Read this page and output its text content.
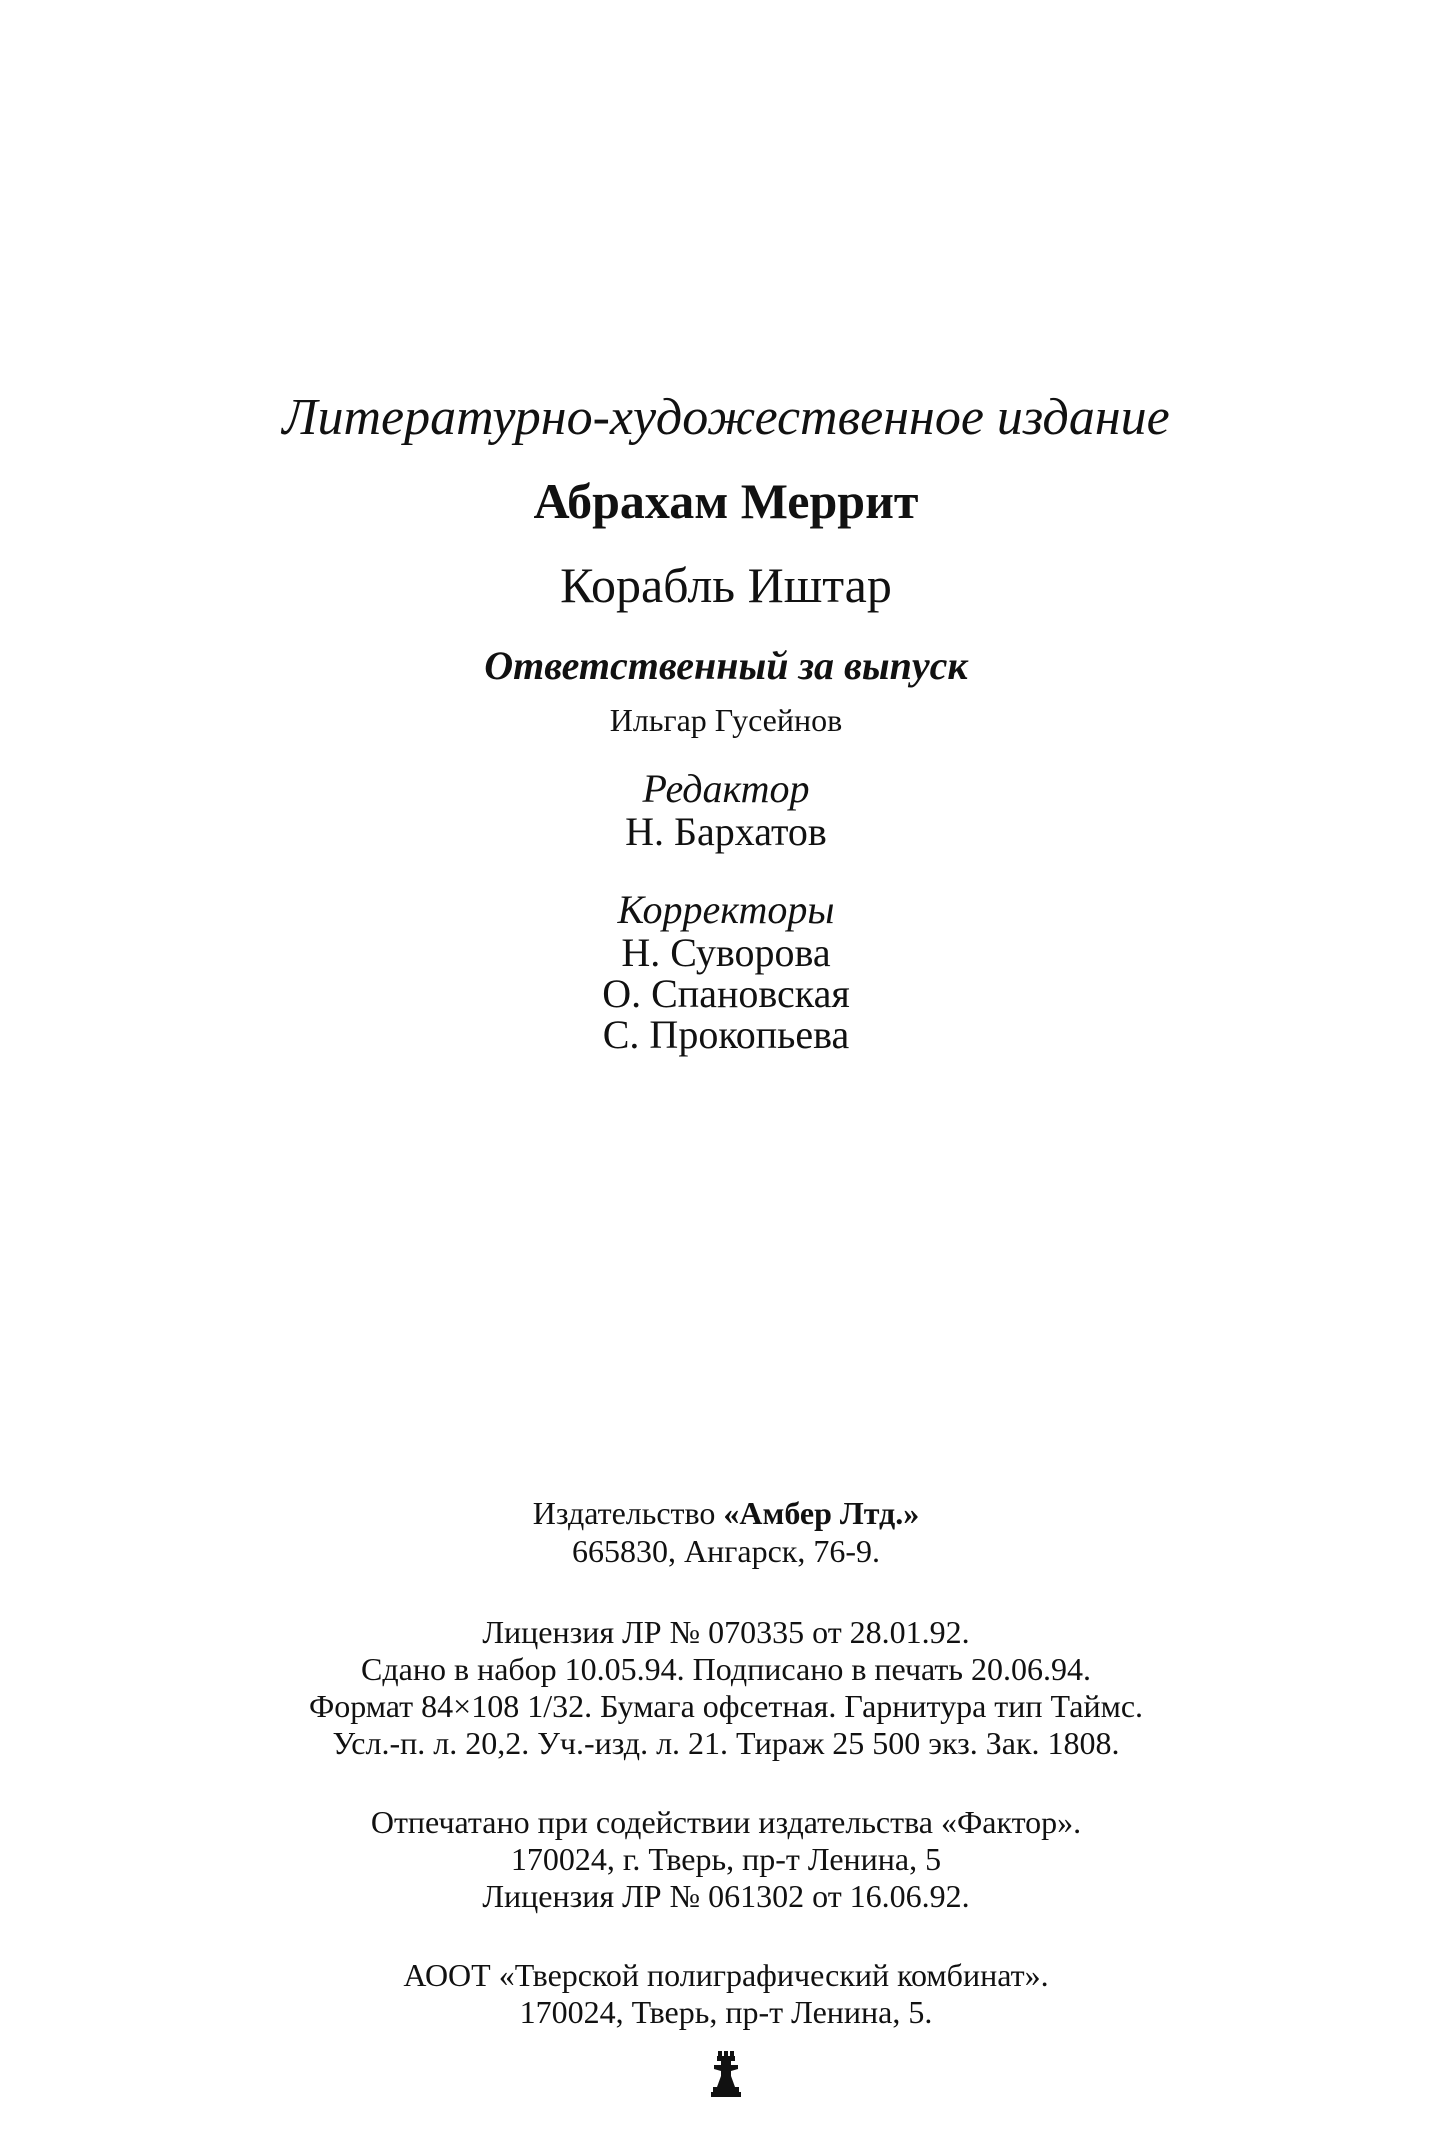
Литературно-художественное издание
Абрахам Меррит
Корабль Иштар
Ответственный за выпуск
Ильгар Гусейнов
Редактор
Н. Бархатов
Корректоры
Н. Суворова
О. Спановская
С. Прокопьева
Издательство «Амбер Лтд.»
665830, Ангарск, 76-9.
Лицензия ЛР № 070335 от 28.01.92.
Сдано в набор 10.05.94. Подписано в печать 20.06.94.
Формат 84×108 1/32. Бумага офсетная. Гарнитура тип Таймс.
Усл.-п. л. 20,2. Уч.-изд. л. 21. Тираж 25 500 экз. Зак. 1808.
Отпечатано при содействии издательства «Фактор».
170024, г. Тверь, пр-т Ленина, 5
Лицензия ЛР № 061302 от 16.06.92.
АООТ «Тверской полиграфический комбинат».
170024, Тверь, пр-т Ленина, 5.
